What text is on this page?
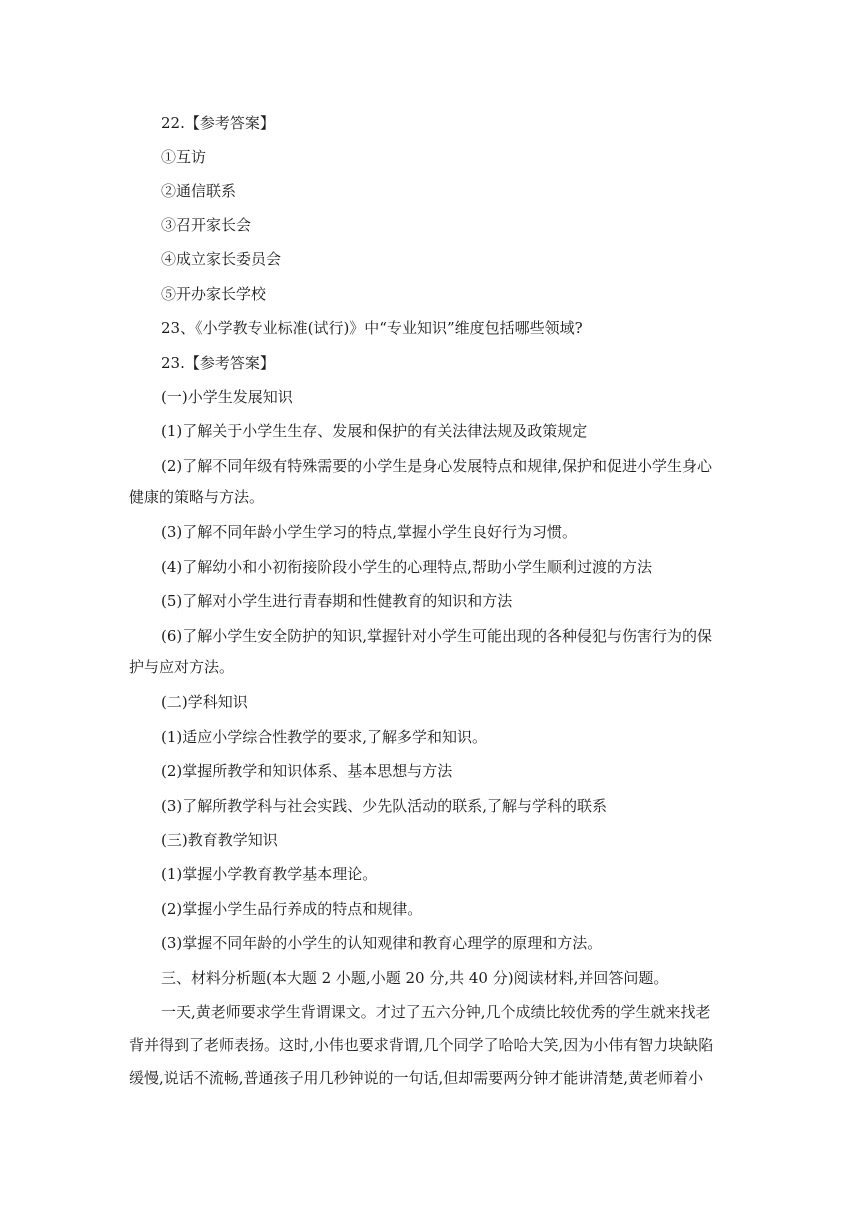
22.【参考答案】
①互访
②通信联系
③召开家长会
④成立家长委员会
⑤开办家长学校
23、《小学教专业标准(试行)》中“专业知识”维度包括哪些领域?
23.【参考答案】
(一)小学生发展知识
(1)了解关于小学生生存、发展和保护的有关法律法规及政策规定
(2)了解不同年级有特殊需要的小学生是身心发展特点和规律,保护和促进小学生身心
健康的策略与方法。
(3)了解不同年龄小学生学习的特点,掌握小学生良好行为习惯。
(4)了解幼小和小初衔接阶段小学生的心理特点,帮助小学生顺利过渡的方法
(5)了解对小学生进行青春期和性健教育的知识和方法
(6)了解小学生安全防护的知识,掌握针对小学生可能出现的各种侵犯与伤害行为的保
护与应对方法。
(二)学科知识
(1)适应小学综合性教学的要求,了解多学和知识。
(2)掌握所教学和知识体系、基本思想与方法
(3)了解所教学科与社会实践、少先队活动的联系,了解与学科的联系
(三)教育教学知识
(1)掌握小学教育教学基本理论。
(2)掌握小学生品行养成的特点和规律。
(3)掌握不同年龄的小学生的认知观律和教育心理学的原理和方法。
三、材料分析题(本大题 2 小题,小题 20 分,共 40 分)阅读材料,并回答问题。
一天,黄老师要求学生背谓课文。才过了五六分钟,几个成绩比较优秀的学生就来找老
背并得到了老师表扬。这时,小伟也要求背谓,几个同学了哈哈大笑,因为小伟有智力块缺陷
缓慢,说话不流畅,普通孩子用几秒钟说的一句话,但却需要两分钟才能讲清楚,黄老师着小
